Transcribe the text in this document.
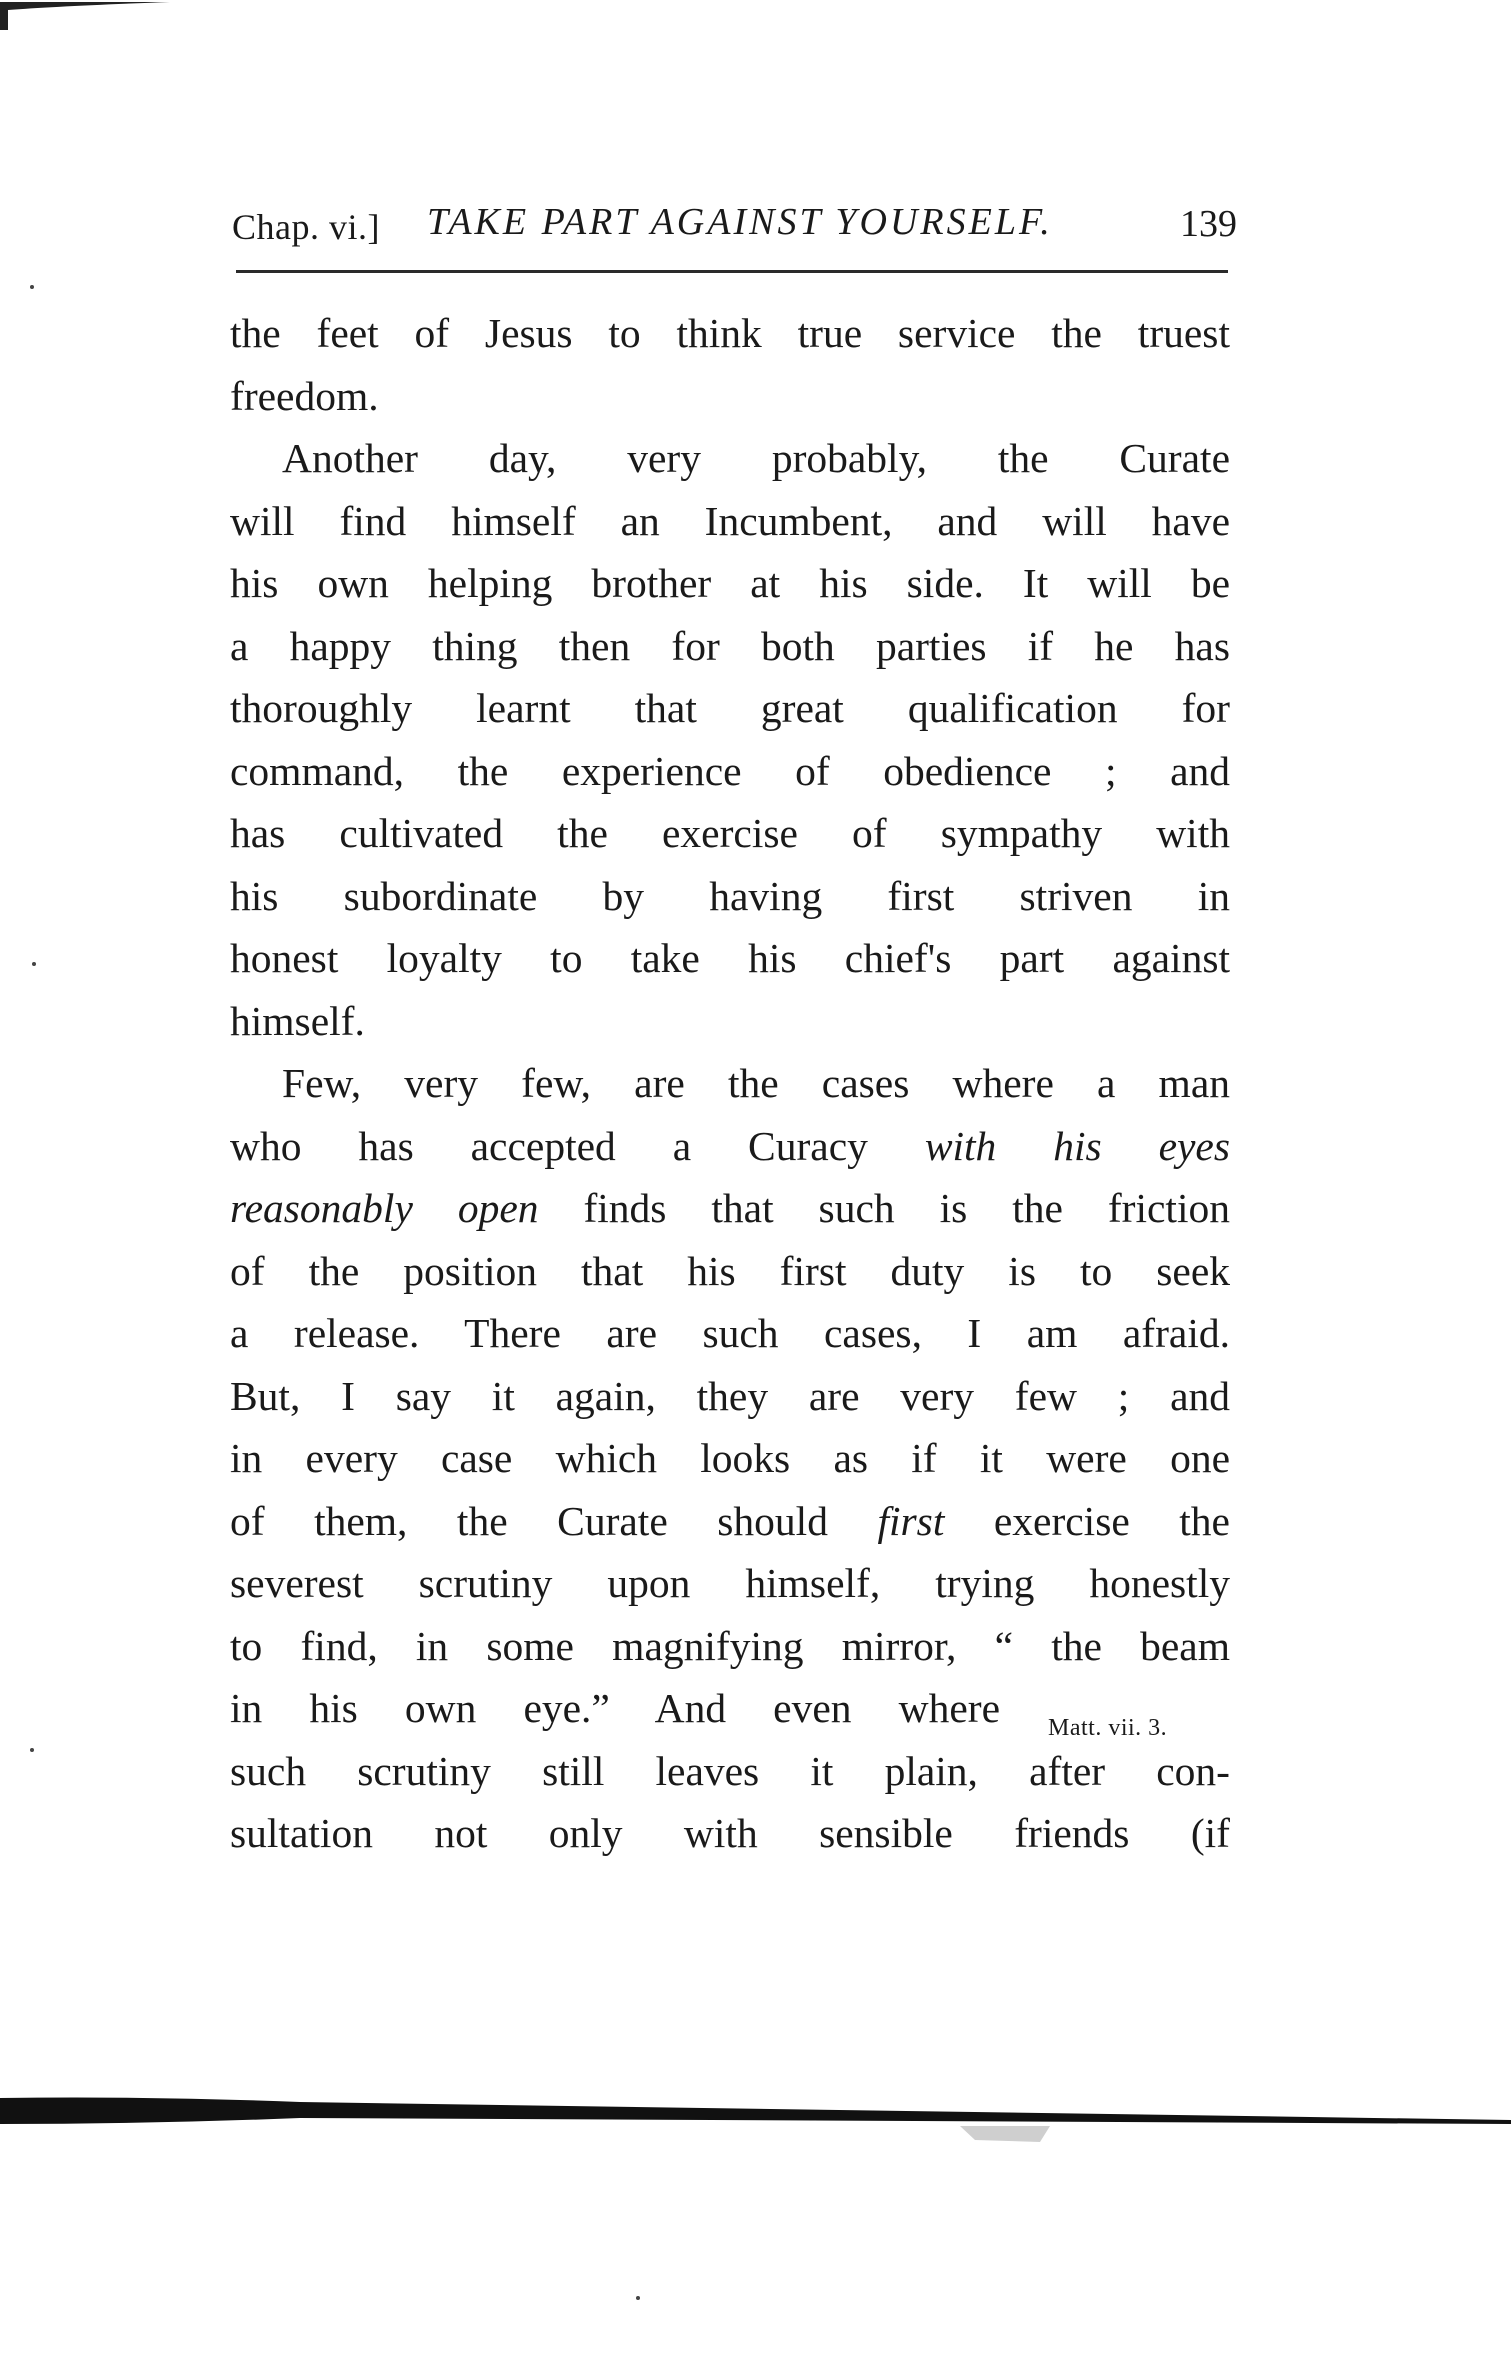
Chap. vi.] TAKE PART AGAINST YOURSELF.	139
the feet of Jesus to think true service the truest
freedom.
Another day, very probably, the Curate
will find himself an Incumbent, and will have
his own helping brother at his side. It will be
a happy thing then for both parties if he has
thoroughly learnt that great qualification for
command, the experience of obedience ; and
has cultivated the exercise of sympathy with
his subordinate by having first striven in
honest loyalty to take his chief's part against
himself.
Few, very few, are the cases where a man
who has accepted a Curacy with his eyes
reasonably open finds that such is the friction
of the position that his first duty is to seek
a release. There are such cases, I am afraid.
But, I say it again, they are very few ; and
in every case which looks as if it were one
of them, the Curate should first exercise the
severest scrutiny upon himself, trying honestly
to find, in some magnifying mirror, “ the beam
in his own eye.” And even where
such scrutiny still leaves it plain, after con-
sultation not only with sensible friends (if
Matt. vii. 3.
